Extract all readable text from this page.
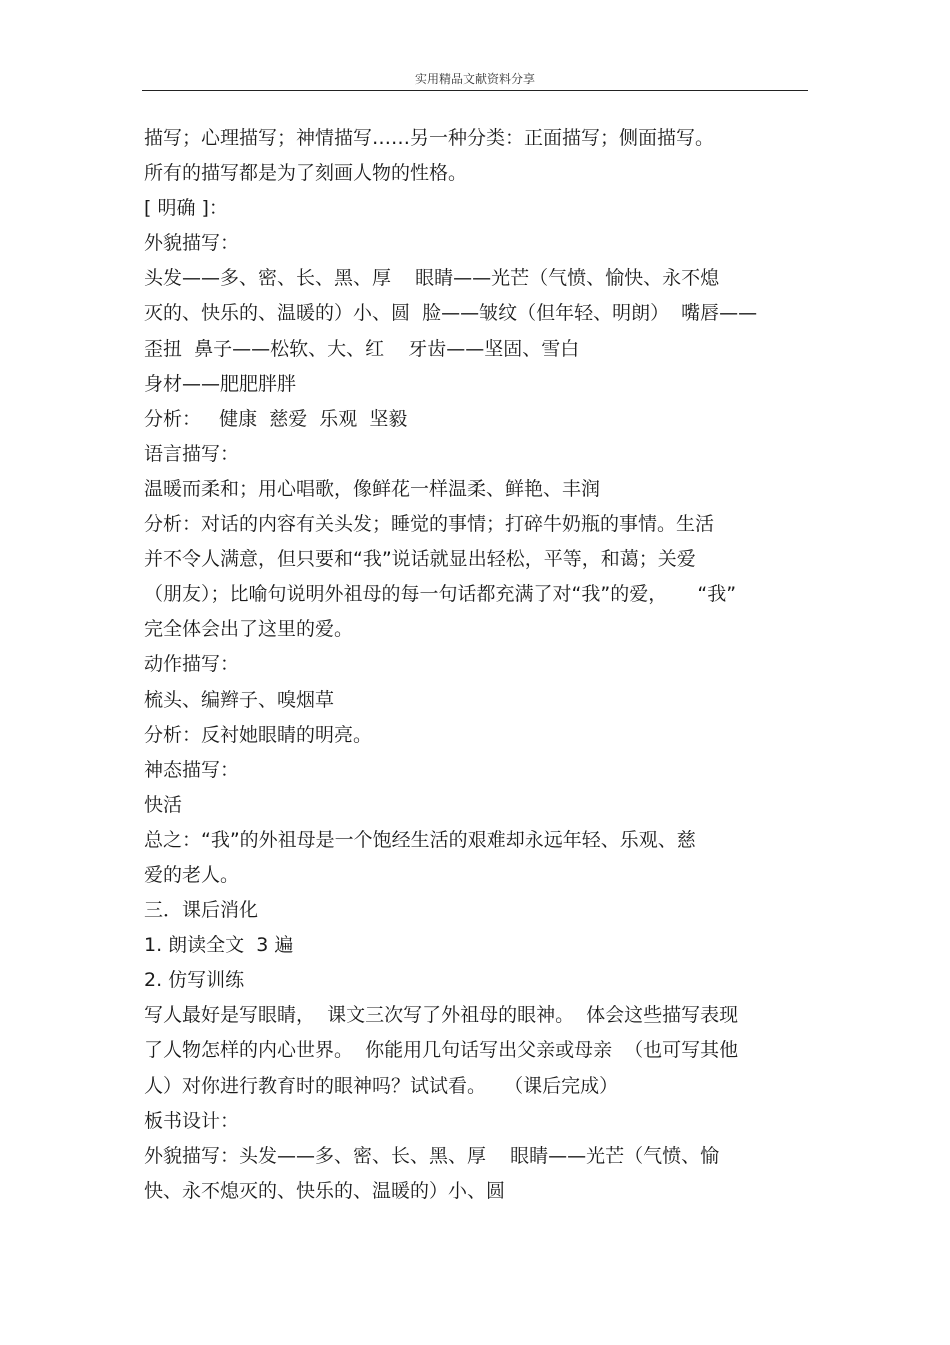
实用精品文献资料分享
描写；心理描写；神情描写……另一种分类：正面描写；侧面描写。
所有的描写都是为了刻画人物的性格。
[ 明确 ]：
外貌描写：
头发——多、密、长、黑、厚    眼睛——光芒（气愤、愉快、永不熄
灭的、快乐的、温暖的）小、圆  脸——皱纹（但年轻、明朗）  嘴唇——
歪扭  鼻子——松软、大、红    牙齿——坚固、雪白
身材——肥肥胖胖
分析：   健康  慈爱  乐观  坚毅
语言描写：
温暖而柔和；用心唱歌，像鲜花一样温柔、鲜艳、丰润
分析：对话的内容有关头发；睡觉的事情；打碎牛奶瓶的事情。生活
并不令人满意，但只要和“我”说话就显出轻松，平等，和蔼；关爱
（朋友）；比喻句说明外祖母的每一句话都充满了对“我”的爱，     “我”
完全体会出了这里的爱。
动作描写：
梳头、编辫子、嗅烟草
分析：反衬她眼睛的明亮。
神态描写：
快活
总之：“我”的外祖母是一个饱经生活的艰难却永远年轻、乐观、慈
爱的老人。
三．课后消化
1. 朗读全文  3 遍
2. 仿写训练
写人最好是写眼睛，  课文三次写了外祖母的眼神。  体会这些描写表现
了人物怎样的内心世界。  你能用几句话写出父亲或母亲  （也可写其他
人）对你进行教育时的眼神吗？试试看。   （课后完成）
板书设计：
外貌描写：头发——多、密、长、黑、厚    眼睛——光芒（气愤、愉
快、永不熄灭的、快乐的、温暖的）小、圆
